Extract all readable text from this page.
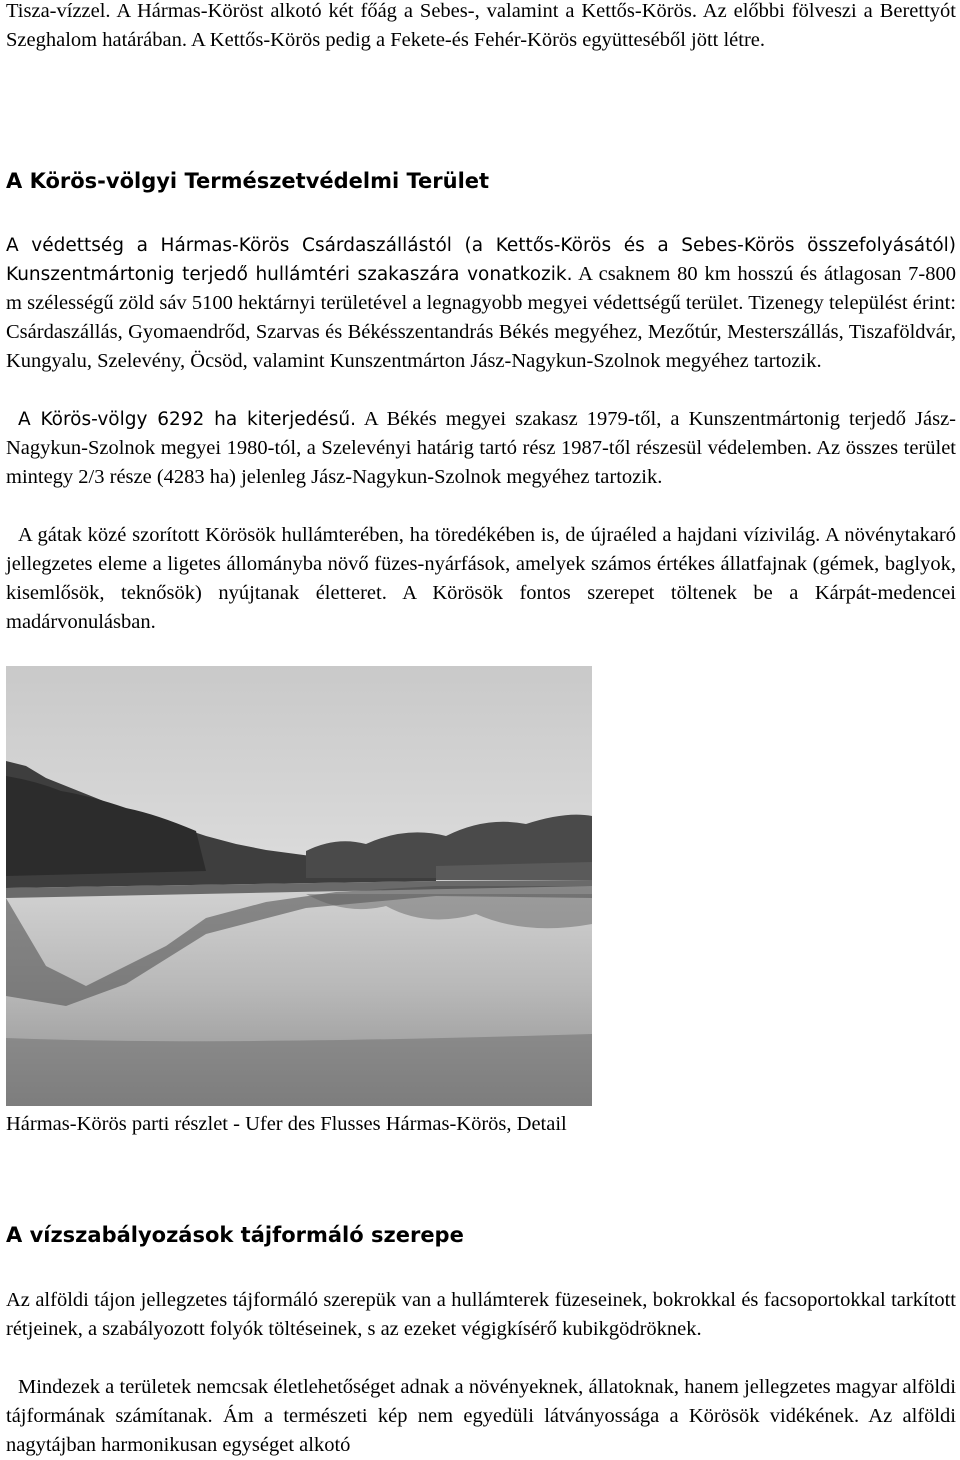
Tisza-vízzel. A Hármas-Köröst alkotó két főág a Sebes-, valamint a Kettős-Körös. Az előbbi fölveszi a Berettyót Szeghalom határában. A Kettős-Körös pedig a Fekete-és Fehér-Körös együtteséből jött létre.

A Körös-völgyi Természetvédelmi Terület

A védettség a Hármas-Körös Csárdaszállástól (a Kettős-Körös és a Sebes-Körös összefolyásától) Kunszentmártonig terjedő hullámtéri szakaszára vonatkozik. A csaknem 80 km hosszú és átlagosan 7-800 m szélességű zöld sáv 5100 hektárnyi területével a legnagyobb megyei védettségű terület. Tizenegy települést érint: Csárdaszállás, Gyomaendrőd, Szarvas és Békésszentandrás Békés megyéhez, Mezőtúr, Mesterszállás, Tiszaföldvár, Kungyalu, Szelevény, Öcsöd, valamint Kunszentmárton Jász-Nagykun-Szolnok megyéhez tartozik.

A Körös-völgy 6292 ha kiterjedésű. A Békés megyei szakasz 1979-től, a Kunszentmártonig terjedő Jász-Nagykun-Szolnok megyei 1980-tól, a Szelevényi határig tartó rész 1987-től részesül védelemben. Az összes terület mintegy 2/3 része (4283 ha) jelenleg Jász-Nagykun-Szolnok megyéhez tartozik.

A gátak közé szorított Körösök hullámterében, ha töredékében is, de újraéled a hajdani vízivilág. A növénytakaró jellegzetes eleme a ligetes állományba növő füzes-nyárfások, amelyek számos értékes állatfajnak (gémek, baglyok, kisemlősök, teknősök) nyújtanak életteret. A Körösök fontos szerepet töltenek be a Kárpát-medencei madárvonulásban.

Hármas-Körös parti részlet - Ufer des Flusses Hármas-Körös, Detail

A vízszabályozások tájformáló szerepe

Az alföldi tájon jellegzetes tájformáló szerepük van a hullámterek füzeseinek, bokrokkal és facsoportokkal tarkított rétjeinek, a szabályozott folyók töltéseinek, s az ezeket végigkísérő kubikgödröknek.

Mindezek a területek nemcsak életlehetőséget adnak a növényeknek, állatoknak, hanem jellegzetes magyar alföldi tájformának számítanak. Ám a természeti kép nem egyedüli látványossága a Körösök vidékének. Az alföldi nagytájban harmonikusan egységet alkotó
